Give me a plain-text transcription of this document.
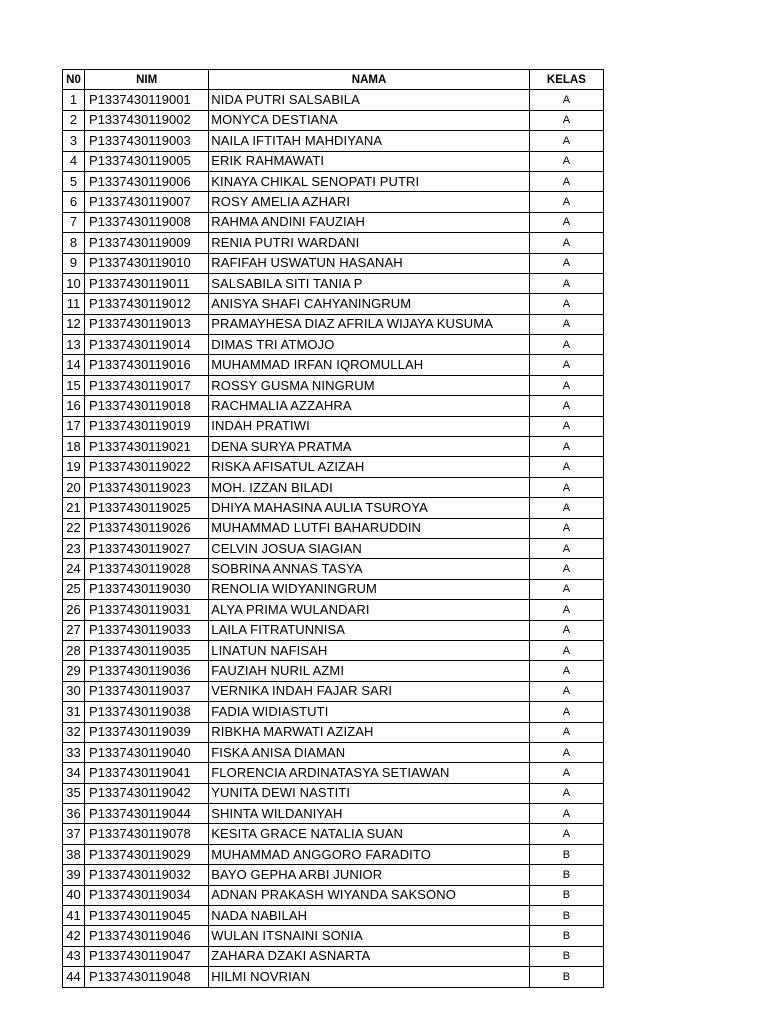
N0	NIM	NAMA	KELAS
1	P1337430119001	NIDA PUTRI SALSABILA	A
2	P1337430119002	MONYCA DESTIANA	A
3	P1337430119003	NAILA IFTITAH MAHDIYANA	A
4	P1337430119005	ERIK RAHMAWATI	A
5	P1337430119006	KINAYA CHIKAL SENOPATI PUTRI	A
6	P1337430119007	ROSY AMELIA AZHARI	A
7	P1337430119008	RAHMA ANDINI FAUZIAH	A
8	P1337430119009	RENIA PUTRI WARDANI	A
9	P1337430119010	RAFIFAH USWATUN HASANAH	A
10	P1337430119011	SALSABILA SITI TANIA P	A
11	P1337430119012	ANISYA SHAFI CAHYANINGRUM	A
12	P1337430119013	PRAMAYHESA DIAZ AFRILA WIJAYA KUSUMA	A
13	P1337430119014	DIMAS TRI ATMOJO	A
14	P1337430119016	MUHAMMAD IRFAN IQROMULLAH	A
15	P1337430119017	ROSSY GUSMA NINGRUM	A
16	P1337430119018	RACHMALIA AZZAHRA	A
17	P1337430119019	INDAH PRATIWI	A
18	P1337430119021	DENA SURYA PRATMA	A
19	P1337430119022	RISKA AFISATUL AZIZAH	A
20	P1337430119023	MOH. IZZAN BILADI	A
21	P1337430119025	DHIYA MAHASINA AULIA TSUROYA	A
22	P1337430119026	MUHAMMAD LUTFI BAHARUDDIN	A
23	P1337430119027	CELVIN JOSUA SIAGIAN	A
24	P1337430119028	SOBRINA ANNAS TASYA	A
25	P1337430119030	RENOLIA WIDYANINGRUM	A
26	P1337430119031	ALYA PRIMA WULANDARI	A
27	P1337430119033	LAILA FITRATUNNISA	A
28	P1337430119035	LINATUN NAFISAH	A
29	P1337430119036	FAUZIAH NURIL AZMI	A
30	P1337430119037	VERNIKA INDAH FAJAR SARI	A
31	P1337430119038	FADIA WIDIASTUTI	A
32	P1337430119039	RIBKHA MARWATI AZIZAH	A
33	P1337430119040	FISKA ANISA DIAMAN	A
34	P1337430119041	FLORENCIA ARDINATASYA SETIAWAN	A
35	P1337430119042	YUNITA DEWI NASTITI	A
36	P1337430119044	SHINTA WILDANIYAH	A
37	P1337430119078	KESITA GRACE NATALIA SUAN	A
38	P1337430119029	MUHAMMAD ANGGORO FARADITO	B
39	P1337430119032	BAYO GEPHA ARBI JUNIOR	B
40	P1337430119034	ADNAN PRAKASH WIYANDA SAKSONO	B
41	P1337430119045	NADA NABILAH	B
42	P1337430119046	WULAN ITSNAINI SONIA	B
43	P1337430119047	ZAHARA DZAKI ASNARTA	B
44	P1337430119048	HILMI NOVRIAN	B
